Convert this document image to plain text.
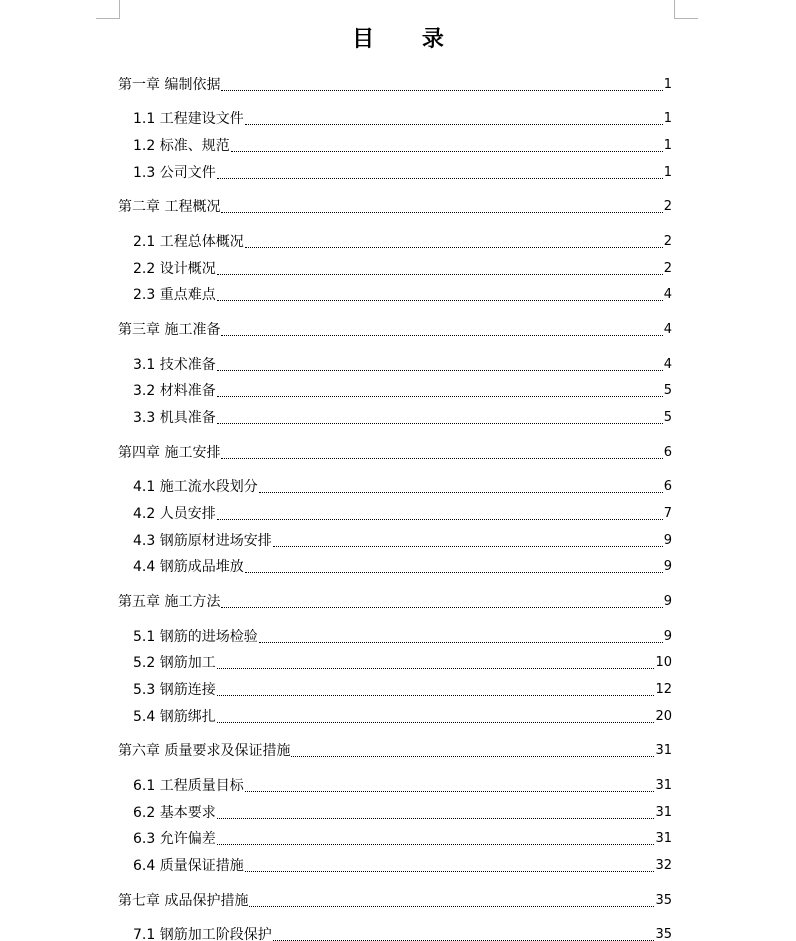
目 录
第一章 编制依据	1
1.1 工程建设文件	1
1.2 标准、规范	1
1.3 公司文件	1
第二章 工程概况	2
2.1 工程总体概况	2
2.2 设计概况	2
2.3 重点难点	4
第三章 施工准备	4
3.1 技术准备	4
3.2 材料准备	5
3.3 机具准备	5
第四章 施工安排	6
4.1 施工流水段划分	6
4.2 人员安排	7
4.3 钢筋原材进场安排	9
4.4 钢筋成品堆放	9
第五章 施工方法	9
5.1 钢筋的进场检验	9
5.2 钢筋加工	10
5.3 钢筋连接	12
5.4 钢筋绑扎	20
第六章 质量要求及保证措施	31
6.1 工程质量目标	31
6.2 基本要求	31
6.3 允许偏差	31
6.4 质量保证措施	32
第七章 成品保护措施	35
7.1 钢筋加工阶段保护	35
